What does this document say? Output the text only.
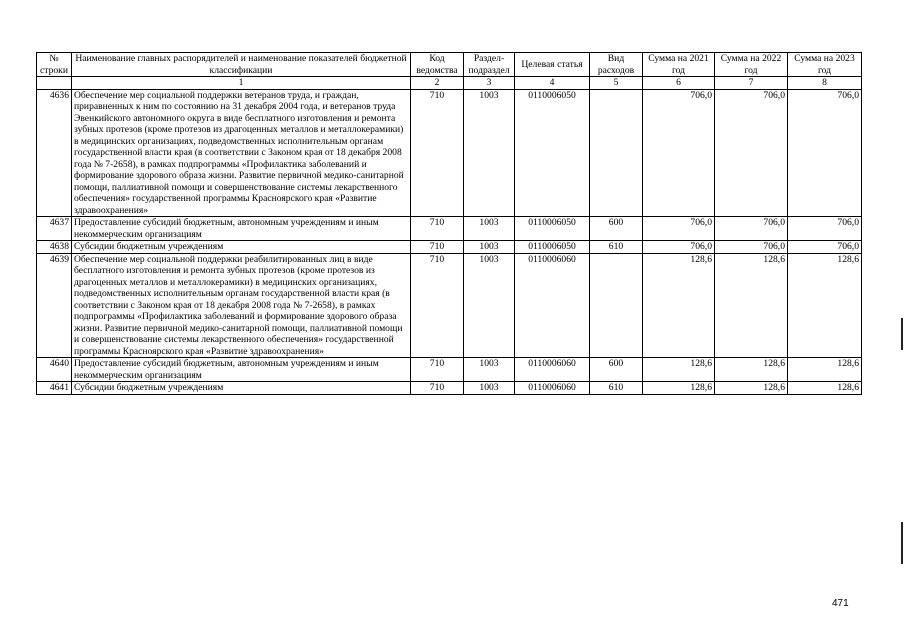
№ строки	Наименование главных распорядителей и наименование показателей бюджетной классификации	Код ведомства	Раздел-подраздел	Целевая статья	Вид расходов	Сумма на 2021 год	Сумма на 2022 год	Сумма на 2023 год
	1	2	3	4	5	6	7	8
4636	Обеспечение мер социальной поддержки ветеранов труда, и граждан, приравненных к ним по состоянию на 31 декабря 2004 года, и ветеранов труда Эвенкийского автономного округа в виде бесплатного изготовления и ремонта зубных протезов (кроме протезов из драгоценных металлов и металлокерамики) в медицинских организациях, подведомственных исполнительным органам государственной власти края (в соответствии с Законом края от 18 декабря 2008 года № 7-2658), в рамках подпрограммы «Профилактика заболеваний и формирование здорового образа жизни. Развитие первичной медико-санитарной помощи, паллиативной помощи и совершенствование системы лекарственного обеспечения» государственной программы Красноярского края «Развитие здравоохранения»	710	1003	0110006050		706,0	706,0	706,0
4637	Предоставление субсидий бюджетным, автономным учреждениям и иным некоммерческим организациям	710	1003	0110006050	600	706,0	706,0	706,0
4638	Субсидии бюджетным учреждениям	710	1003	0110006050	610	706,0	706,0	706,0
4639	Обеспечение мер социальной поддержки реабилитированных лиц в виде бесплатного изготовления и ремонта зубных протезов (кроме протезов из драгоценных металлов и металлокерамики) в медицинских организациях, подведомственных исполнительным органам государственной власти края (в соответствии с Законом края от 18 декабря 2008 года № 7-2658), в рамках подпрограммы «Профилактика заболеваний и формирование здорового образа жизни. Развитие первичной медико-санитарной помощи, паллиативной помощи и совершенствование системы лекарственного обеспечения» государственной программы Красноярского края «Развитие здравоохранения»	710	1003	0110006060		128,6	128,6	128,6
4640	Предоставление субсидий бюджетным, автономным учреждениям и иным некоммерческим организациям	710	1003	0110006060	600	128,6	128,6	128,6
4641	Субсидии бюджетным учреждениям	710	1003	0110006060	610	128,6	128,6	128,6
471
